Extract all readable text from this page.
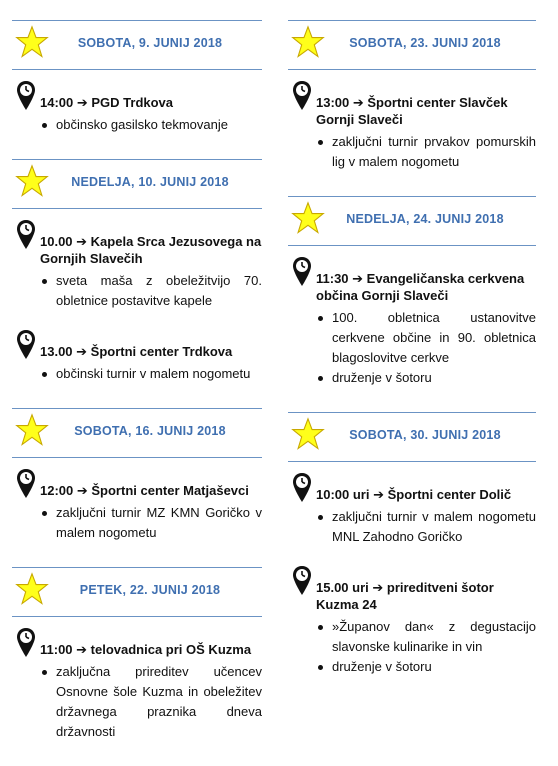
SOBOTA, 9. JUNIJ 2018
14:00 ➔ PGD Trdkova
občinsko gasilsko tekmovanje
NEDELJA, 10. JUNIJ 2018
10.00 ➔ Kapela Srca Jezusovega na Gornjih Slavečih
sveta maša z obeležitvijo 70. obletnice postavitve kapele
13.00 ➔ Športni center Trdkova
občinski turnir v malem nogometu
SOBOTA, 16. JUNIJ 2018
12:00 ➔ Športni center Matjaševci
zaključni turnir MZ KMN Goričko v malem nogometu
PETEK, 22. JUNIJ 2018
11:00 ➔ telovadnica pri OŠ Kuzma
zaključna prireditev učencev Osnovne šole Kuzma in obeležitev državnega praznika dneva državnosti
SOBOTA, 23. JUNIJ 2018
13:00 ➔ Športni center Slavček Gornji Slaveči
zaključni turnir prvakov pomurskih lig v malem nogometu
NEDELJA, 24. JUNIJ 2018
11:30 ➔ Evangeličanska cerkvena občina Gornji Slaveči
100. obletnica ustanovitve cerkvene občine in 90. obletnica blagoslovitve cerkve
druženje v šotoru
SOBOTA, 30. JUNIJ 2018
10:00 uri ➔ Športni center Dolič
zaključni turnir v malem nogometu MNL Zahodno Goričko
15.00 uri ➔ prireditveni šotor Kuzma 24
»Županov dan« z degustacijo slavonske kulinarike in vin
druženje v šotoru
